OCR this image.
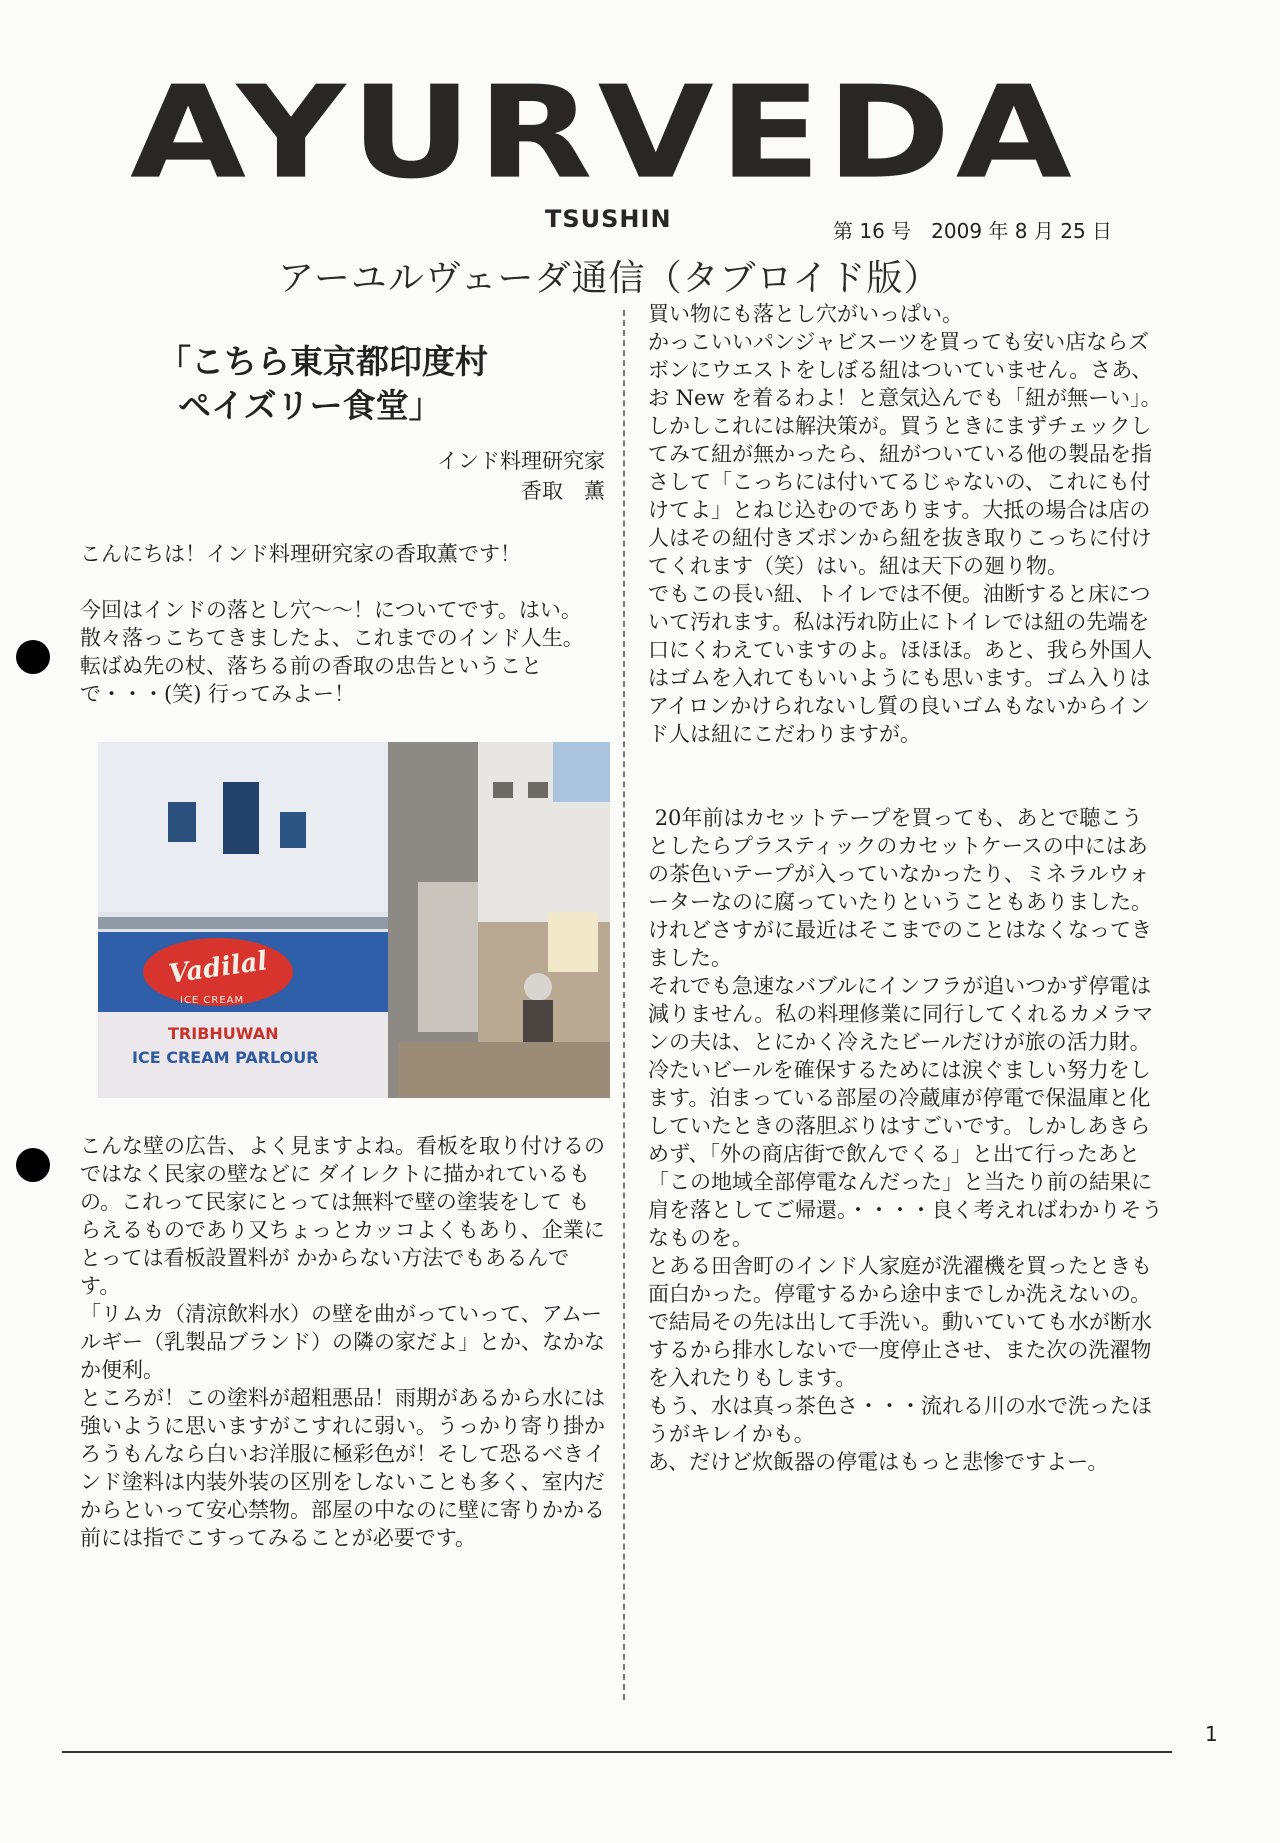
AYURVEDA
TSUSHIN	第 16 号　2009 年 8 月 25 日
アーユルヴェーダ通信（タブロイド版）
「こちら東京都印度村
ペイズリー食堂」
インド料理研究家
香取　薫

こんにちは！インド料理研究家の香取薫です！

今回はインドの落とし穴〜〜！についてです。はい。散々落っこちてきましたよ、これまでのインド人生。
転ばぬ先の杖、落ちる前の香取の忠告ということで・・・(笑) 行ってみよー！

Vadilal
ICE CREAM
TRIBHUWAN
ICE CREAM PARLOUR

こんな壁の広告、よく見ますよね。看板を取り付けるのではなく民家の壁などに ダイレクトに描かれているもの。これって民家にとっては無料で壁の塗装をして もらえるものであり又ちょっとカッコよくもあり、企業にとっては看板設置料が かからない方法でもあるんです。
「リムカ（清涼飲料水）の壁を曲がっていって、アムールギー（乳製品ブランド）の隣の家だよ」とか、なかなか便利。
ところが！この塗料が超粗悪品！雨期があるから水には強いように思いますがこすれに弱い。うっかり寄り掛かろうもんなら白いお洋服に極彩色が！そして恐るべきインド塗料は内装外装の区別をしないことも多く、室内だからといって安心禁物。部屋の中なのに壁に寄りかかる前には指でこすってみることが必要です。

買い物にも落とし穴がいっぱい。
かっこいいパンジャビスーツを買っても安い店ならズボンにウエストをしぼる紐はついていません。さあ、お New を着るわよ！と意気込んでも「紐が無ーい」。
しかしこれには解決策が。買うときにまずチェックしてみて紐が無かったら、紐がついている他の製品を指さして「こっちには付いてるじゃないの、これにも付けてよ」とねじ込むのであります。大抵の場合は店の人はその紐付きズボンから紐を抜き取りこっちに付けてくれます（笑）はい。紐は天下の廻り物。
でもこの長い紐、トイレでは不便。油断すると床について汚れます。私は汚れ防止にトイレでは紐の先端を口にくわえていますのよ。ほほほ。あと、我ら外国人はゴムを入れてもいいようにも思います。ゴム入りはアイロンかけられないし質の良いゴムもないからインド人は紐にこだわりますが。

20年前はカセットテープを買っても、あとで聴こうとしたらプラスティックのカセットケースの中にはあの茶色いテープが入っていなかったり、ミネラルウォーターなのに腐っていたりということもありました。けれどさすがに最近はそこまでのことはなくなってきました。
それでも急速なバブルにインフラが追いつかず停電は減りません。私の料理修業に同行してくれるカメラマンの夫は、とにかく冷えたビールだけが旅の活力財。冷たいビールを確保するためには涙ぐましい努力をします。泊まっている部屋の冷蔵庫が停電で保温庫と化していたときの落胆ぶりはすごいです。しかしあきらめず、「外の商店街で飲んでくる」と出て行ったあと「この地域全部停電なんだった」と当たり前の結果に肩を落としてご帰還。・・・・良く考えればわかりそうなものを。
とある田舎町のインド人家庭が洗濯機を買ったときも面白かった。停電するから途中までしか洗えないの。で結局その先は出して手洗い。動いていても水が断水するから排水しないで一度停止させ、また次の洗濯物を入れたりもします。
もう、水は真っ茶色さ・・・流れる川の水で洗ったほうがキレイかも。
あ、だけど炊飯器の停電はもっと悲惨ですよー。

1
